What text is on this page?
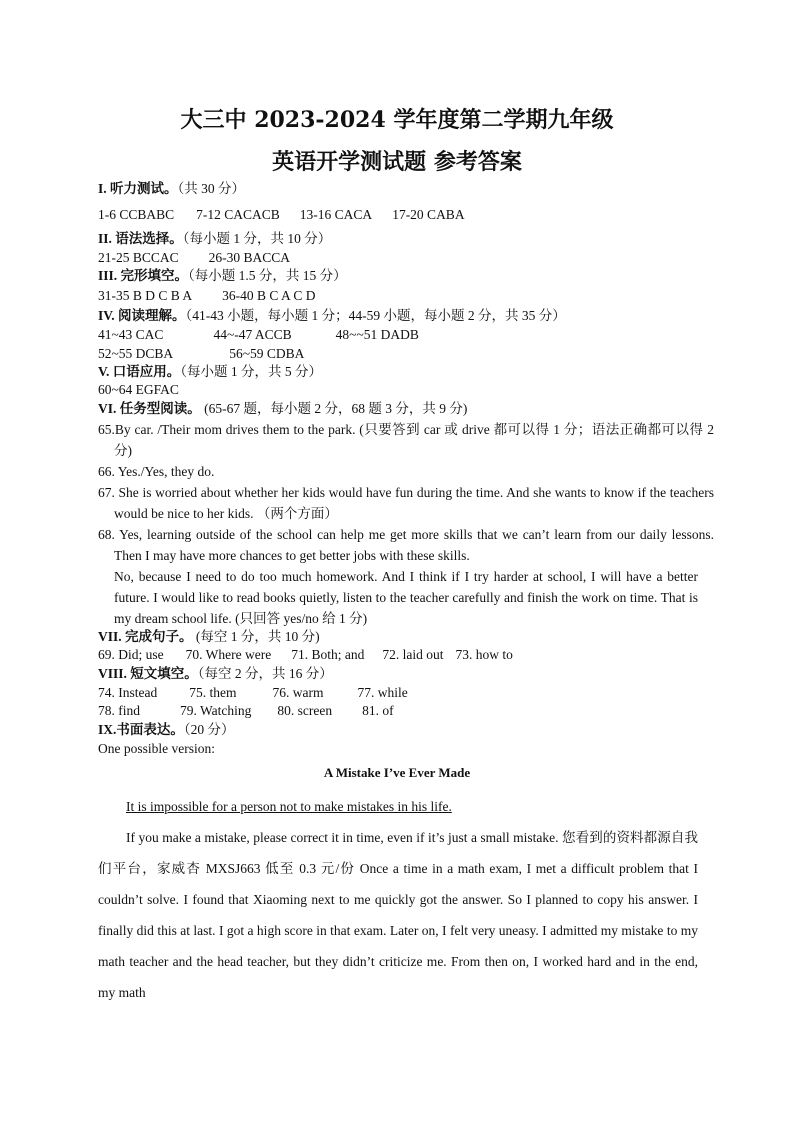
大三中 2023-2024 学年度第二学期九年级
英语开学测试题 参考答案
I. 听力测试。（共 30 分）
1-6 CCBABC 7-12 CACACB 13-16 CACA 17-20 CABA
II. 语法选择。（每小题 1 分，共 10 分）
21-25 BCCAC 26-30 BACCA
III. 完形填空。（每小题 1.5 分，共 15 分）
31-35 B D C B A 36-40 B C A C D
IV. 阅读理解。（41-43 小题，每小题 1 分；44-59 小题，每小题 2 分，共 35 分）
41~43 CAC	44~-47 ACCB	48~~51 DADB
52~55 DCBA	56~59 CDBA
V. 口语应用。（每小题 1 分，共 5 分）
60~64 EGFAC
VI. 任务型阅读。 (65-67 题，每小题 2 分，68 题 3 分，共 9 分)
65.By car. /Their mom drives them to the park. (只要答到 car 或 drive 都可以得 1 分；语法正确都可以得 2 分)
66. Yes./Yes, they do.
67. She is worried about whether her kids would have fun during the time. And she wants to know if the teachers would be nice to her kids. （两个方面）
68. Yes, learning outside of the school can help me get more skills that we can’t learn from our daily lessons. Then I may have more chances to get better jobs with these skills.
No, because I need to do too much homework. And I think if I try harder at school, I will have a better future. I would like to read books quietly, listen to the teacher carefully and finish the work on time. That is my dream school life. (只回答 yes/no 给 1 分)
VII. 完成句子。 (每空 1 分，共 10 分)
69. Did; use 70. Where were 71. Both; and 72. laid out 73. how to
VIII. 短文填空。（每空 2 分，共 16 分）
74. Instead 75. them	76. warm	77. while
78. find	79. Watching 80. screen 81. of
IX.书面表达。（20 分）
One possible version:
A Mistake I’ve Ever Made
It is impossible for a person not to make mistakes in his life.
If you make a mistake, please correct it in time, even if it’s just a small mistake. 您看到的资料都源自我们平台，家威杏 MXSJ663 低至 0.3 元/份 Once a time in a math exam, I met a difficult problem that I couldn’t solve. I found that Xiaoming next to me quickly got the answer. So I planned to copy his answer. I finally did this at last. I got a high score in that exam. Later on, I felt very uneasy. I admitted my mistake to my math teacher and the head teacher, but they didn’t criticize me. From then on, I worked hard and in the end, my math
